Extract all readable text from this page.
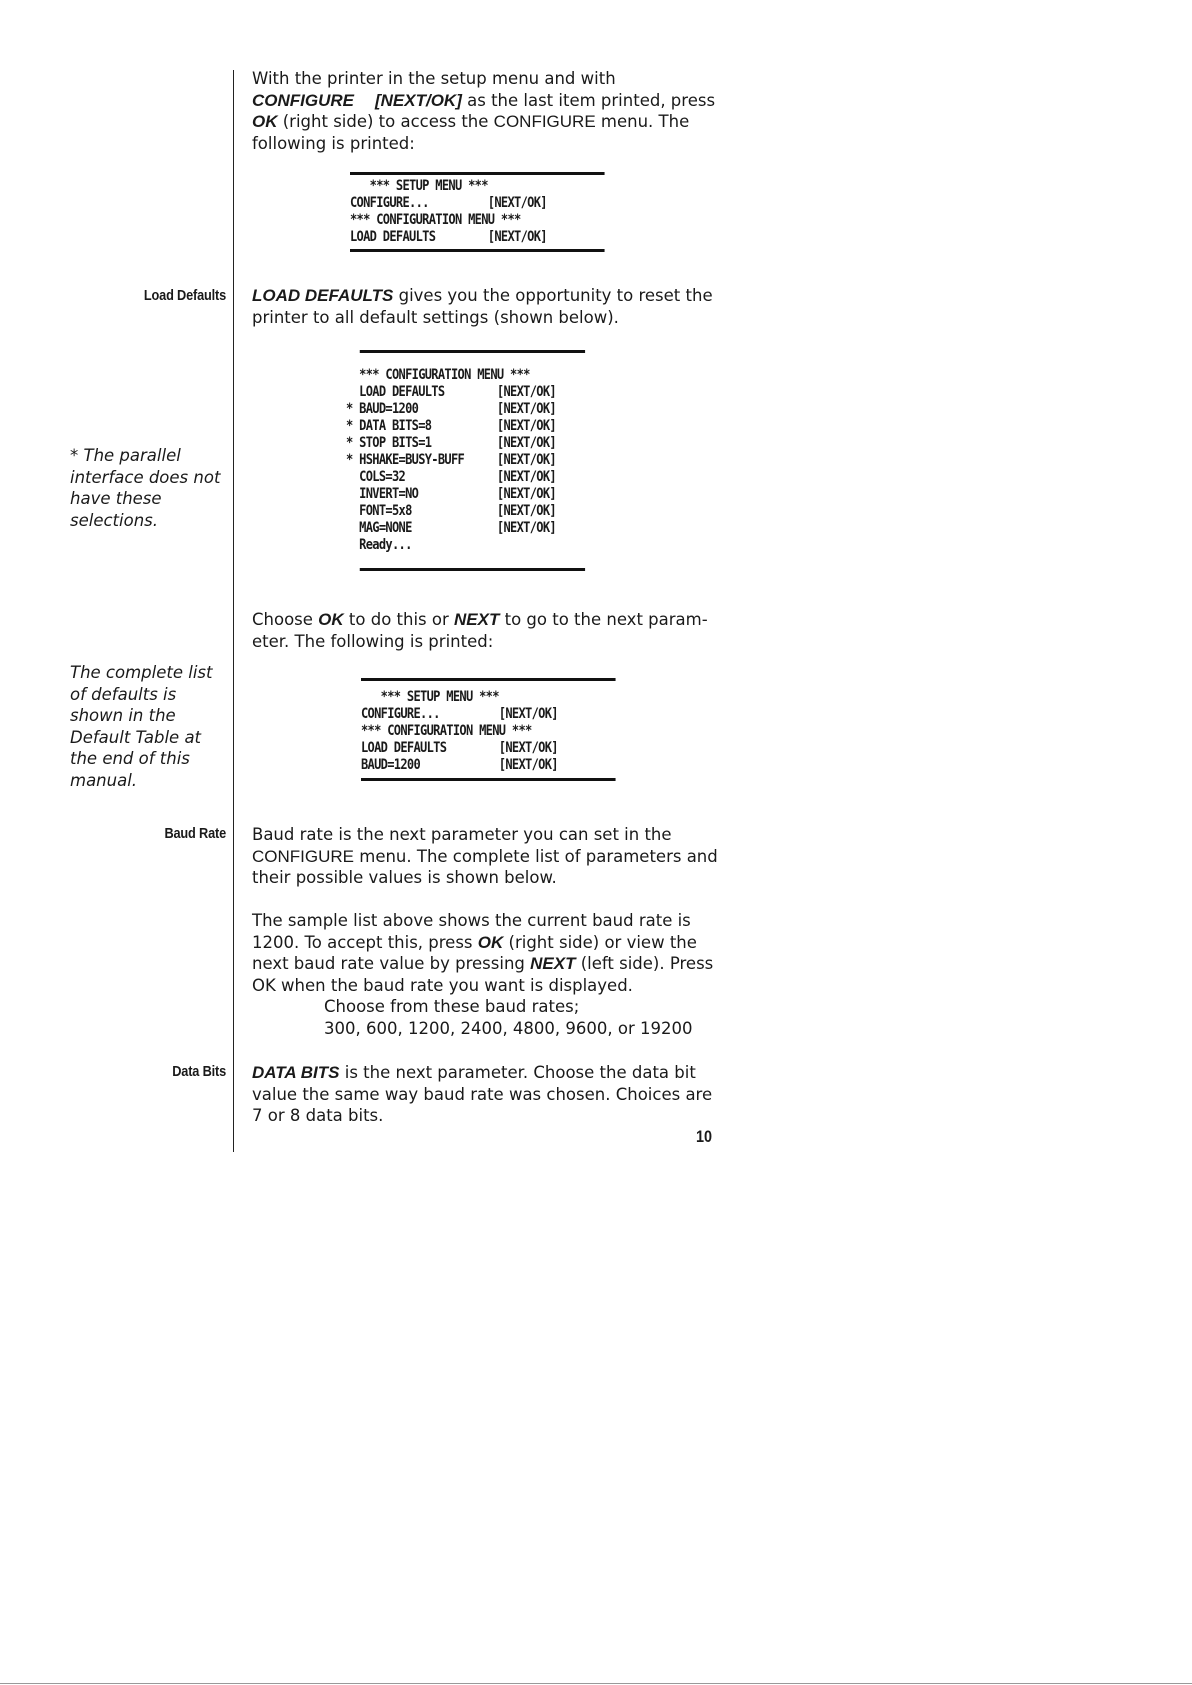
With the printer in the setup menu and with CONFIGURE [NEXT/OK] as the last item printed, press OK (right side) to access the CONFIGURE menu. The following is printed:

*** SETUP MENU ***
CONFIGURE...         [NEXT/OK]
*** CONFIGURATION MENU ***
LOAD DEFAULTS        [NEXT/OK]
Load Defaults LOAD DEFAULTS gives you the opportunity to reset the printer to all default settings (shown below).

*** CONFIGURATION MENU ***
LOAD DEFAULTS        [NEXT/OK]
* BAUD=1200            [NEXT/OK]
* DATA BITS=8          [NEXT/OK]
* STOP BITS=1          [NEXT/OK]
* HSHAKE=BUSY-BUFF     [NEXT/OK]
COLS=32              [NEXT/OK]
INVERT=NO            [NEXT/OK]
FONT=5x8             [NEXT/OK]
MAG=NONE             [NEXT/OK]
Ready...
* The parallel interface does not have these selections.

Choose OK to do this or NEXT to go to the next param-eter. The following is printed:

The complete list of defaults is shown in the Default Table at the end of this manual.
*** SETUP MENU ***
CONFIGURE...         [NEXT/OK]
*** CONFIGURATION MENU ***
LOAD DEFAULTS        [NEXT/OK]
BAUD=1200            [NEXT/OK]
Baud Rate Baud rate is the next parameter you can set in the CONFIGURE menu. The complete list of parameters and their possible values is shown below.

The sample list above shows the current baud rate is 1200. To accept this, press OK (right side) or view the next baud rate value by pressing NEXT (left side). Press OK when the baud rate you want is displayed.
Choose from these baud rates;
300, 600, 1200, 2400, 4800, 9600, or 19200

Data Bits DATA BITS is the next parameter. Choose the data bit value the same way baud rate was chosen. Choices are 7 or 8 data bits.

10
